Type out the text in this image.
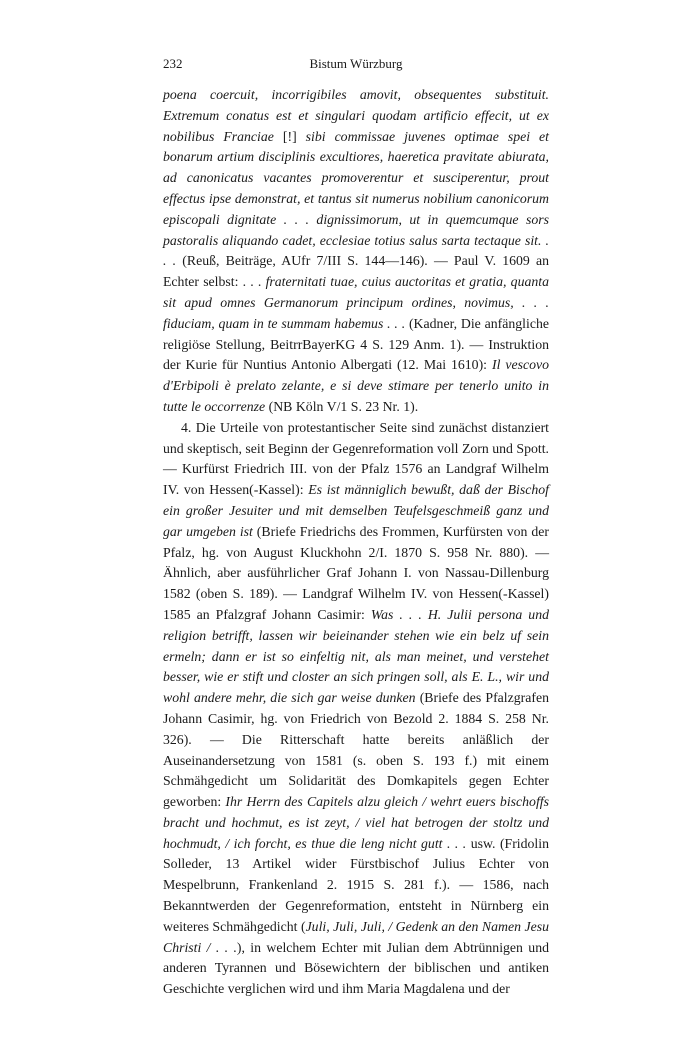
232	Bistum Würzburg

poena coercuit, incorrigibiles amovit, obsequentes substituit. Extremum conatus est et singulari quodam artificio effecit, ut ex nobilibus Franciae [!] sibi commissae juvenes optimae spei et bonarum artium disciplinis excultiores, haeretica pravitate abiurata, ad canonicatus vacantes promoverentur et susciperentur, prout effectus ipse demonstrat, et tantus sit numerus nobilium canonicorum episcopali dignitate . . . dignissimorum, ut in quemcumque sors pastoralis aliquando cadet, ecclesiae totius salus sarta tectaque sit. . . . (Reuß, Beiträge, AUfr 7/III S. 144—146). — Paul V. 1609 an Echter selbst: . . . fraternitati tuae, cuius auctoritas et gratia, quanta sit apud omnes Germanorum principum ordines, novimus, . . . fiduciam, quam in te summam habemus . . . (Kadner, Die anfängliche religiöse Stellung, BeitrrBayerKG 4 S. 129 Anm. 1). — Instruktion der Kurie für Nuntius Antonio Albergati (12. Mai 1610): Il vescovo d'Erbipoli è prelato zelante, e si deve stimare per tenerlo unito in tutte le occorrenze (NB Köln V/1 S. 23 Nr. 1).

4. Die Urteile von protestantischer Seite sind zunächst distanziert und skeptisch, seit Beginn der Gegenreformation voll Zorn und Spott. — Kurfürst Friedrich III. von der Pfalz 1576 an Landgraf Wilhelm IV. von Hessen(-Kassel): Es ist männiglich bewußt, daß der Bischof ein großer Jesuiter und mit demselben Teufelsgeschmeiß ganz und gar umgeben ist (Briefe Friedrichs des Frommen, Kurfürsten von der Pfalz, hg. von August Kluckhohn 2/I. 1870 S. 958 Nr. 880). — Ähnlich, aber ausführlicher Graf Johann I. von Nassau-Dillenburg 1582 (oben S. 189). — Landgraf Wilhelm IV. von Hessen(-Kassel) 1585 an Pfalzgraf Johann Casimir: Was . . . H. Julii persona und religion betrifft, lassen wir beieinander stehen wie ein belz uf sein ermeln; dann er ist so einfeltig nit, als man meinet, und verstehet besser, wie er stift und closter an sich pringen soll, als E. L., wir und wohl andere mehr, die sich gar weise dunken (Briefe des Pfalzgrafen Johann Casimir, hg. von Friedrich von Bezold 2. 1884 S. 258 Nr. 326). — Die Ritterschaft hatte bereits anläßlich der Auseinandersetzung von 1581 (s. oben S. 193 f.) mit einem Schmähgedicht um Solidarität des Domkapitels gegen Echter geworben: Ihr Herrn des Capitels alzu gleich / wehrt euers bischoffs bracht und hochmut, es ist zeyt, / viel hat betrogen der stoltz und hochmudt, / ich forcht, es thue die leng nicht gutt . . . usw. (Fridolin Solleder, 13 Artikel wider Fürstbischof Julius Echter von Mespelbrunn, Frankenland 2. 1915 S. 281 f.). — 1586, nach Bekanntwerden der Gegenreformation, entsteht in Nürnberg ein weiteres Schmähgedicht (Juli, Juli, Juli, / Gedenk an den Namen Jesu Christi / . . .), in welchem Echter mit Julian dem Abtrünnigen und anderen Tyrannen und Bösewichtern der biblischen und antiken Geschichte verglichen wird und ihm Maria Magdalena und der
